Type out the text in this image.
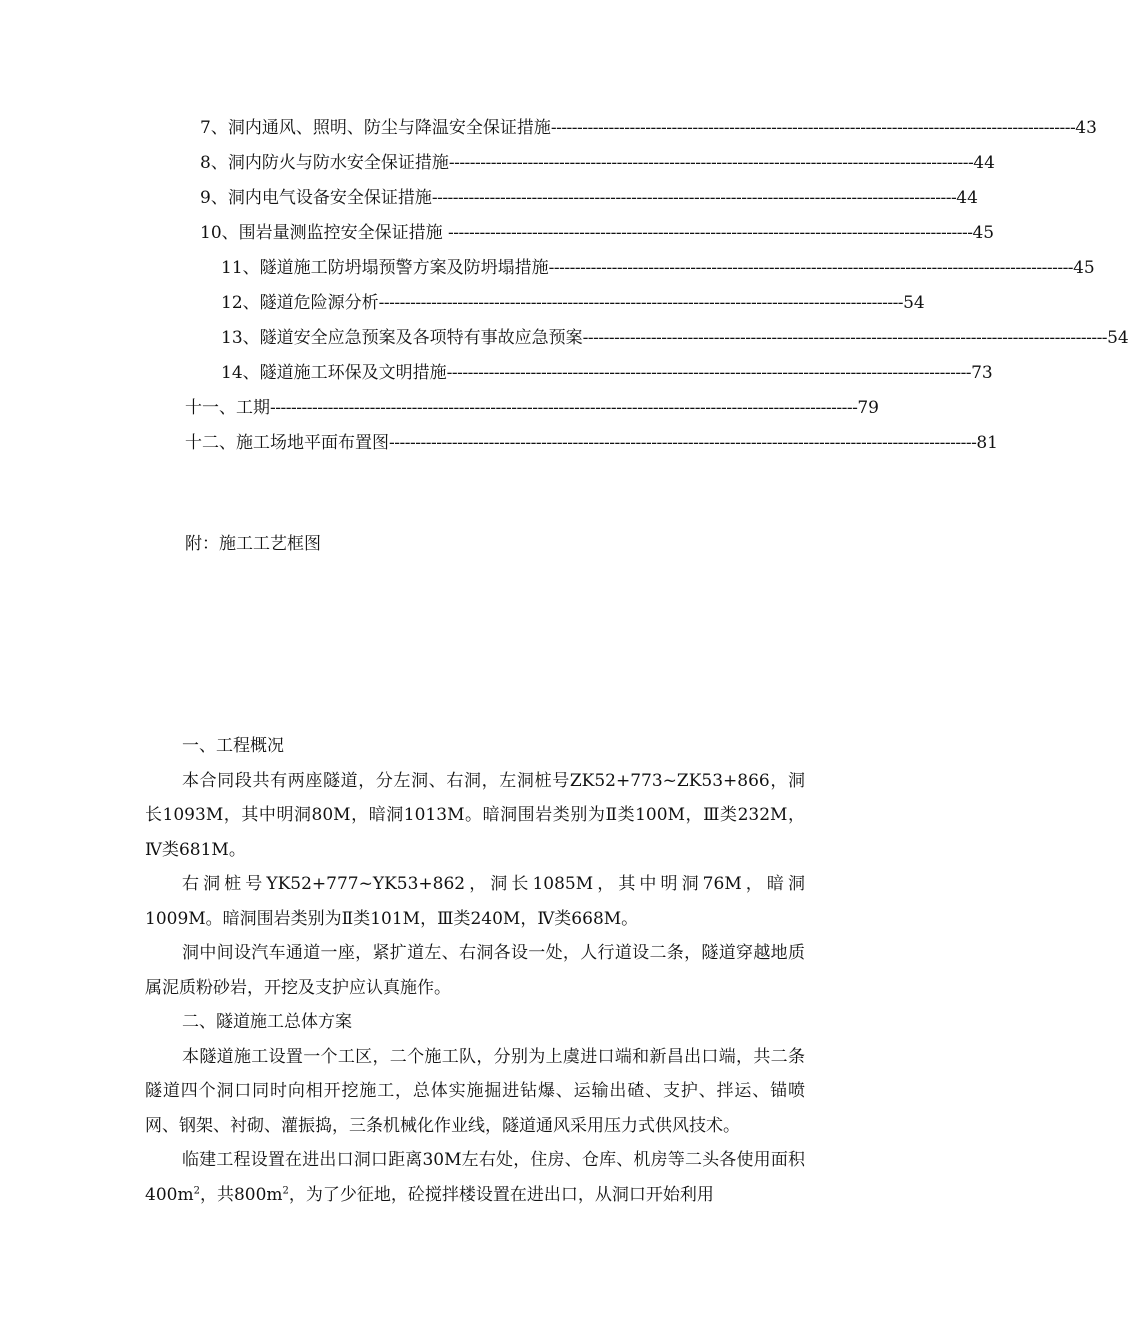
7、洞内通风、照明、防尘与降温安全保证措施 ---------------------------------------------------------------------------------------------------- 43
8、洞内防火与防水安全保证措施 ---------------------------------------------------------------------------------------------------- 44
9、洞内电气设备安全保证措施 ---------------------------------------------------------------------------------------------------- 44
10、围岩量测监控安全保证措施 ---------------------------------------------------------------------------------------------------- 45
11、隧道施工防坍塌预警方案及防坍塌措施 ---------------------------------------------------------------------------------------------------- 45
12、隧道危险源分析 ---------------------------------------------------------------------------------------------------- 54
13、隧道安全应急预案及各项特有事故应急预案 ---------------------------------------------------------------------------------------------------- 54
14、隧道施工环保及文明措施 ---------------------------------------------------------------------------------------------------- 73
十一、工期 ---------------------------------------------------------------------------------------------------------------- 79
十二、施工场地平面布置图 ---------------------------------------------------------------------------------------------------------------- 81
附：施工工艺框图

一、工程概况

本合同段共有两座隧道，分左洞、右洞，左洞桩号ZK52+773~ZK53+866，洞长1093M，其中明洞80M，暗洞1013M。暗洞围岩类别为Ⅱ类100M，Ⅲ类232M，Ⅳ类681M。

右洞桩号YK52+777~YK53+862，洞长1085M，其中明洞76M，暗洞1009M。暗洞围岩类别为Ⅱ类101M，Ⅲ类240M，Ⅳ类668M。

洞中间设汽车通道一座，紧扩道左、右洞各设一处，人行道设二条，隧道穿越地质属泥质粉砂岩，开挖及支护应认真施作。

二、隧道施工总体方案

本隧道施工设置一个工区，二个施工队，分别为上虞进口端和新昌出口端，共二条隧道四个洞口同时向相开挖施工，总体实施掘进钻爆、运输出碴、支护、拌运、锚喷网、钢架、衬砌、灌振捣，三条机械化作业线，隧道通风采用压力式供风技术。

临建工程设置在进出口洞口距离30M左右处，住房、仓库、机房等二头各使用面积$400m^2$，共$800m^2$，为了少征地，砼搅拌楼设置在进出口，从洞口开始利用
